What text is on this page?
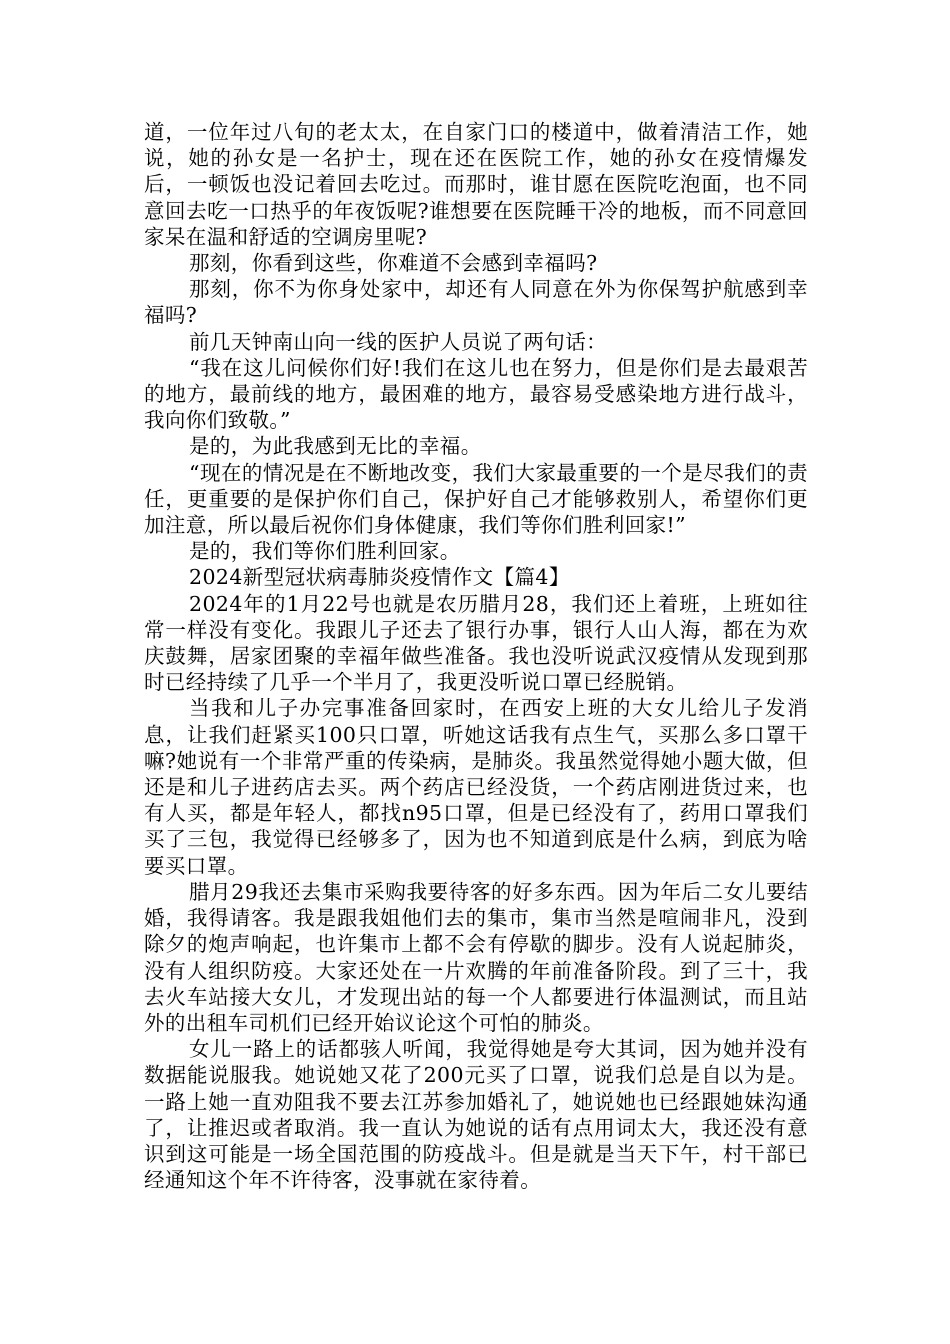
道，一位年过八旬的老太太，在自家门口的楼道中，做着清洁工作，她说，她的孙女是一名护士，现在还在医院工作，她的孙女在疫情爆发后，一顿饭也没记着回去吃过。而那时，谁甘愿在医院吃泡面，也不同意回去吃一口热乎的年夜饭呢?谁想要在医院睡干冷的地板，而不同意回家呆在温和舒适的空调房里呢?

那刻，你看到这些，你难道不会感到幸福吗?

那刻，你不为你身处家中，却还有人同意在外为你保驾护航感到幸福吗?

前几天钟南山向一线的医护人员说了两句话：

“我在这儿问候你们好!我们在这儿也在努力，但是你们是去最艰苦的地方，最前线的地方，最困难的地方，最容易受感染地方进行战斗，我向你们致敬。”

是的，为此我感到无比的幸福。

“现在的情况是在不断地改变，我们大家最重要的一个是尽我们的责任，更重要的是保护你们自己，保护好自己才能够救别人，希望你们更加注意，所以最后祝你们身体健康，我们等你们胜利回家!”

是的，我们等你们胜利回家。

2024新型冠状病毒肺炎疫情作文【篇4】

2024年的1月22号也就是农历腊月28，我们还上着班，上班如往常一样没有变化。我跟儿子还去了银行办事，银行人山人海，都在为欢庆鼓舞，居家团聚的幸福年做些准备。我也没听说武汉疫情从发现到那时已经持续了几乎一个半月了，我更没听说口罩已经脱销。

当我和儿子办完事准备回家时，在西安上班的大女儿给儿子发消息，让我们赶紧买100只口罩，听她这话我有点生气，买那么多口罩干嘛?她说有一个非常严重的传染病，是肺炎。我虽然觉得她小题大做，但还是和儿子进药店去买。两个药店已经没货，一个药店刚进货过来，也有人买，都是年轻人，都找n95口罩，但是已经没有了，药用口罩我们买了三包，我觉得已经够多了，因为也不知道到底是什么病，到底为啥要买口罩。

腊月29我还去集市采购我要待客的好多东西。因为年后二女儿要结婚，我得请客。我是跟我姐他们去的集市，集市当然是喧闹非凡，没到除夕的炮声响起，也许集市上都不会有停歇的脚步。没有人说起肺炎，没有人组织防疫。大家还处在一片欢腾的年前准备阶段。到了三十，我去火车站接大女儿，才发现出站的每一个人都要进行体温测试，而且站外的出租车司机们已经开始议论这个可怕的肺炎。

女儿一路上的话都骇人听闻，我觉得她是夸大其词，因为她并没有数据能说服我。她说她又花了200元买了口罩，说我们总是自以为是。一路上她一直劝阻我不要去江苏参加婚礼了，她说她也已经跟她妹沟通了，让推迟或者取消。我一直认为她说的话有点用词太大，我还没有意识到这可能是一场全国范围的防疫战斗。但是就是当天下午，村干部已经通知这个年不许待客，没事就在家待着。
